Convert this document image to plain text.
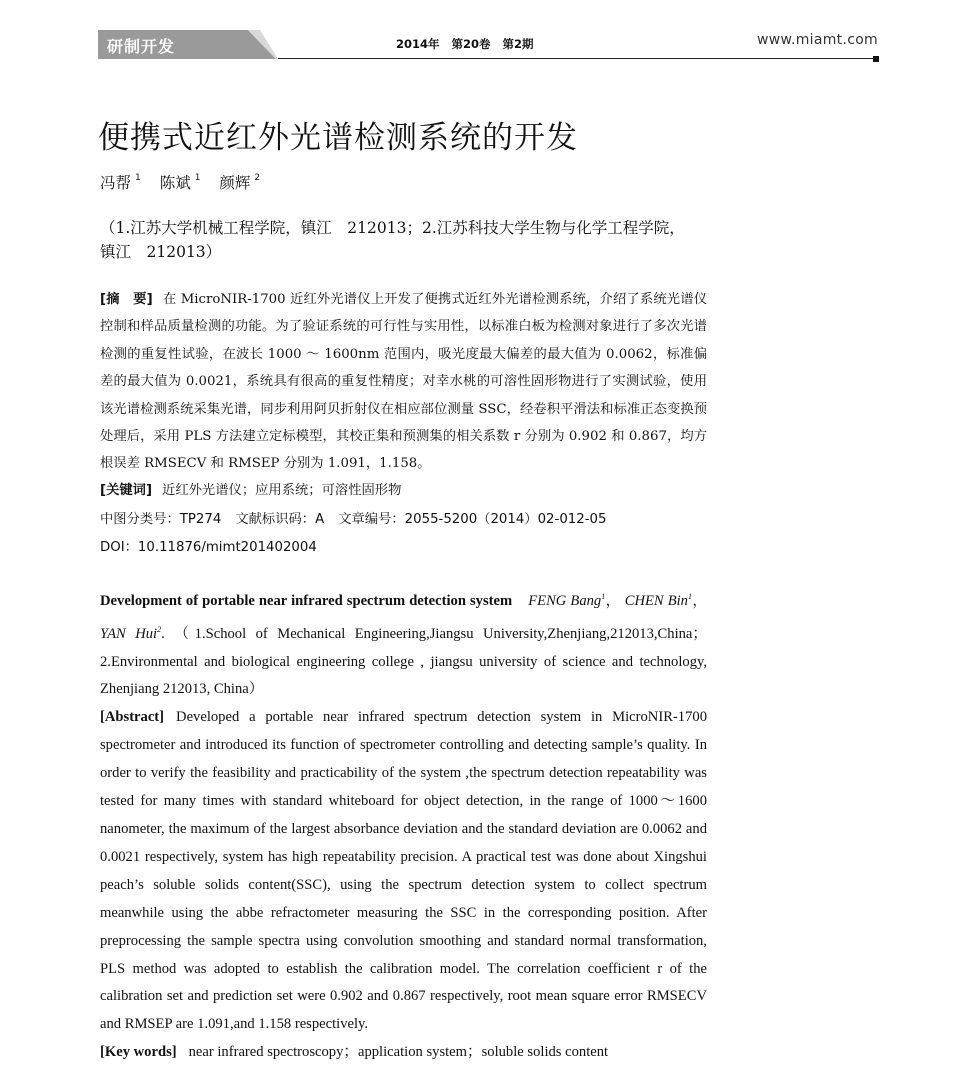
研制开发	2014年 第20卷 第2期	www.miamt.com
便携式近红外光谱检测系统的开发
冯帮 $^1$ 陈斌 $^1$ 颜辉 $^2$
（1.江苏大学机械工程学院，镇江　212013；2.江苏科技大学生物与化学工程学院，镇江　212013）
[摘　要] 在 MicroNIR-1700 近红外光谱仪上开发了便携式近红外光谱检测系统，介绍了系统光谱仪控制和样品质量检测的功能。为了验证系统的可行性与实用性，以标准白板为检测对象进行了多次光谱检测的重复性试验，在波长 1000 ～ 1600nm 范围内，吸光度最大偏差的最大值为 0.0062，标准偏差的最大值为 0.0021，系统具有很高的重复性精度；对幸水桃的可溶性固形物进行了实测试验，使用该光谱检测系统采集光谱，同步利用阿贝折射仪在相应部位测量 SSC，经卷积平滑法和标准正态变换预处理后，采用 PLS 方法建立定标模型，其校正集和预测集的相关系数 r 分别为 0.902 和 0.867，均方根误差 RMSECV 和 RMSEP 分别为 1.091，1.158。
[关键词] 近红外光谱仪；应用系统；可溶性固形物
中图分类号：TP274 文献标识码：A 文章编号：2055-5200（2014）02-012-05
DOI：10.11876/mimt201402004

Development of portable near infrared spectrum detection system FENG Bang$^1$， CHEN Bin$^1$， YAN Hui$^2$. （1.School of Mechanical Engineering,Jiangsu University,Zhenjiang,212013,China；2.Environmental and biological engineering college , jiangsu university of science and technology, Zhenjiang 212013, China）

[Abstract] Developed a portable near infrared spectrum detection system in MicroNIR-1700 spectrometer and introduced its function of spectrometer controlling and detecting sample’s quality. In order to verify the feasibility and practicability of the system ,the spectrum detection repeatability was tested for many times with standard whiteboard for object detection, in the range of 1000～1600 nanometer, the maximum of the largest absorbance deviation and the standard deviation are 0.0062 and 0.0021 respectively, system has high repeatability precision. A practical test was done about Xingshui peach’s soluble solids content(SSC), using the spectrum detection system to collect spectrum meanwhile using the abbe refractometer measuring the SSC in the corresponding position. After preprocessing the sample spectra using convolution smoothing and standard normal transformation, PLS method was adopted to establish the calibration model. The correlation coefficient r of the calibration set and prediction set were 0.902 and 0.867 respectively, root mean square error RMSECV and RMSEP are 1.091,and 1.158 respectively.

[Key words] near infrared spectroscopy；application system；soluble solids content
